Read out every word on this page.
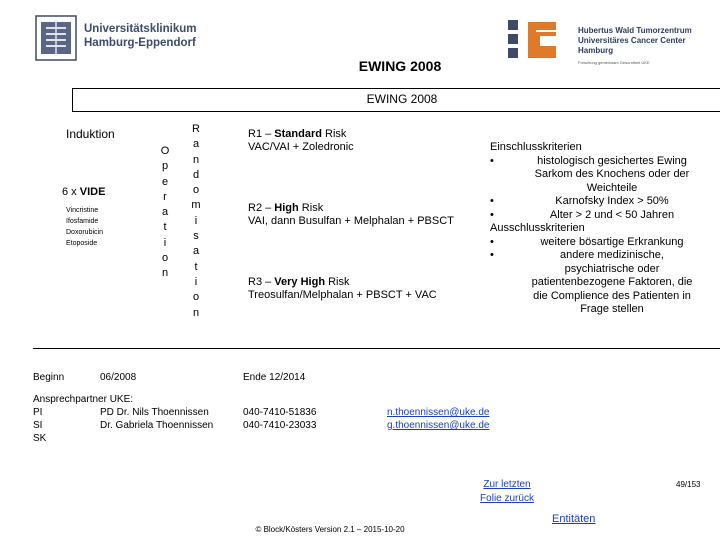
Universitätsklinikum
Hamburg-Eppendorf
Hubertus Wald Tumorzentrum
Universitäres Cancer Center Hamburg
Forschung gemeinsam Gesundheit UKE
EWING 2008
EWING 2008
Induktion
6 x VIDE
Vincristine
Ifosfamide
Doxorubicin
Etoposide
O
p
e
r
a
t
i
o
n
R
a
n
d
o
m
i
s
a
t
i
o
n
R1 – Standard Risk
VAC/VAI + Zoledronic
R2 – High Risk
VAI, dann Busulfan + Melphalan + PBSCT
R3 – Very High Risk
Treosulfan/Melphalan + PBSCT + VAC
Einschlusskriterien
•	histologisch gesichertes Ewing
Sarkom des Knochens oder der
Weichteile
•	Karnofsky Index > 50%
•	Alter > 2 und < 50 Jahren
Ausschlusskriterien
•	weitere bösartige Erkrankung
•	andere medizinische,
psychiatrische oder
patientenbezogene Faktoren, die
die Complience des Patienten in
Frage stellen
Beginn	06/2008	Ende 12/2014
Ansprechpartner UKE:
PI	PD Dr. Nils Thoennissen	040-7410-51836	n.thoennissen@uke.de
SI	Dr. Gabriela Thoennissen	040-7410-23033	g.thoennissen@uke.de
SK
Zur letzten
Folie zurück
Entitäten
© Block/Kösters Version 2.1 – 2015-10-20
49/153
